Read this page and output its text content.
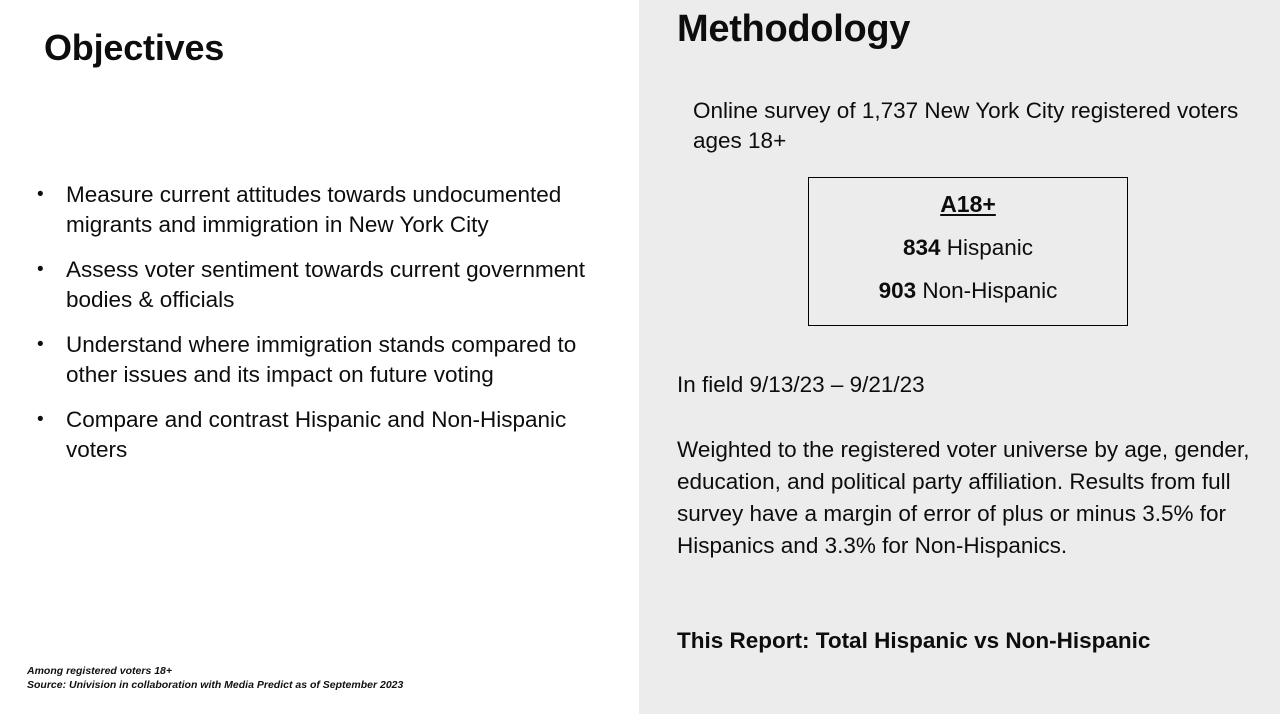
Objectives
• Measure current attitudes towards undocumented migrants and immigration in New York City
• Assess voter sentiment towards current government bodies & officials
• Understand where immigration stands compared to other issues and its impact on future voting
• Compare and contrast Hispanic and Non-Hispanic voters
Among registered voters 18+
Source: Univision in collaboration with Media Predict as of September 2023
Methodology
Online survey of 1,737 New York City registered voters ages 18+
A18+
834 Hispanic
903 Non-Hispanic
In field 9/13/23 – 9/21/23
Weighted to the registered voter universe by age, gender, education, and political party affiliation. Results from full survey have a margin of error of plus or minus 3.5% for Hispanics and 3.3% for Non-Hispanics.
This Report: Total Hispanic vs Non-Hispanic
